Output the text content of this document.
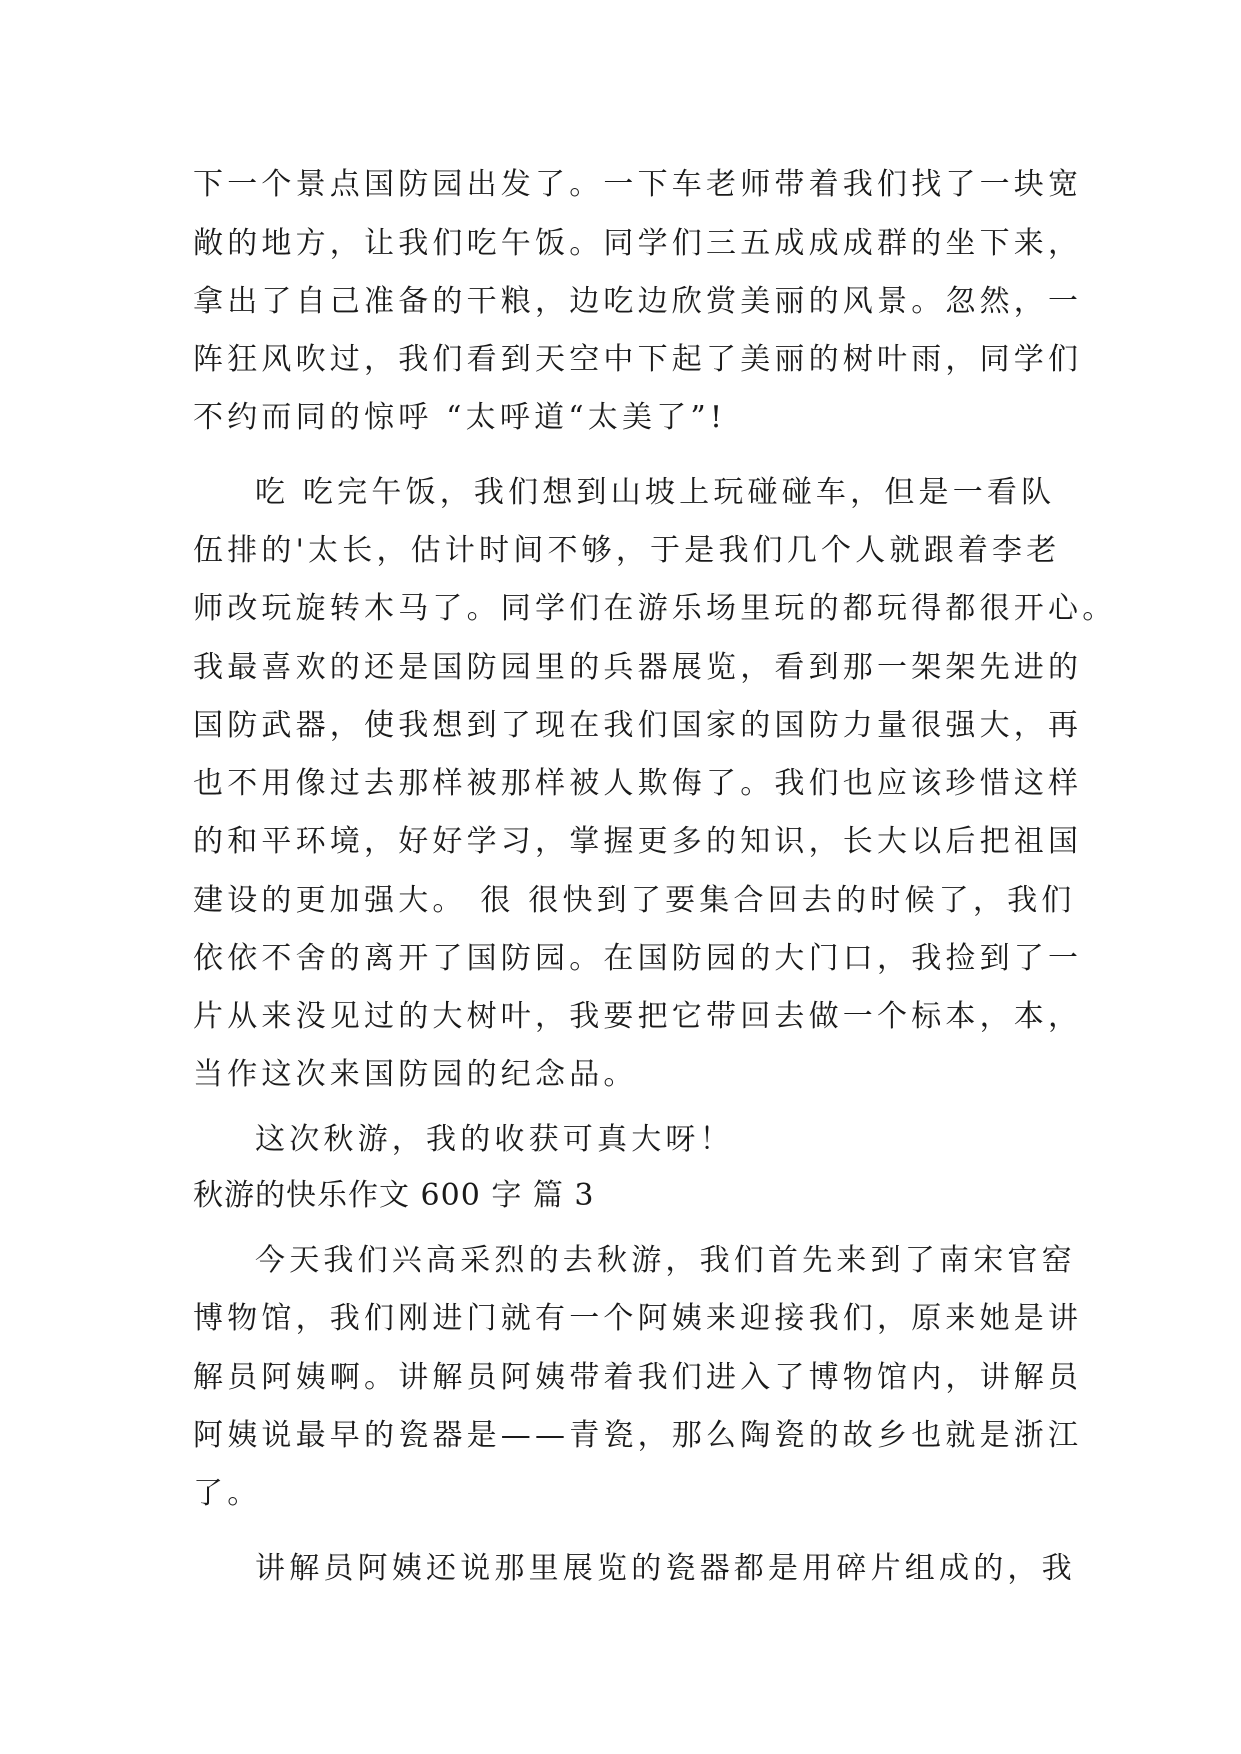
下一个景点国防园出发了。一下车老师带着我们找了一块宽
敞的地方，让我们吃午饭。同学们三五成成成群的坐下来，
拿出了自己准备的干粮，边吃边欣赏美丽的风景。忽然，一
阵狂风吹过，我们看到天空中下起了美丽的树叶雨，同学们
不约而同的惊呼 “太呼道“太美了”!
吃 吃完午饭，我们想到山坡上玩碰碰车，但是一看队
伍排的'太长，估计时间不够，于是我们几个人就跟着李老
师改玩旋转木马了。同学们在游乐场里玩的都玩得都很开心。
我最喜欢的还是国防园里的兵器展览，看到那一架架先进的
国防武器，使我想到了现在我们国家的国防力量很强大，再
也不用像过去那样被那样被人欺侮了。我们也应该珍惜这样
的和平环境，好好学习，掌握更多的知识，长大以后把祖国
建设的更加强大。 很 很快到了要集合回去的时候了，我们
依依不舍的离开了国防园。在国防园的大门口，我捡到了一
片从来没见过的大树叶，我要把它带回去做一个标本，本，
当作这次来国防园的纪念品。
这次秋游，我的收获可真大呀！
秋游的快乐作文 600 字 篇 3
今天我们兴高采烈的去秋游，我们首先来到了南宋官窑
博物馆，我们刚进门就有一个阿姨来迎接我们，原来她是讲
解员阿姨啊。讲解员阿姨带着我们进入了博物馆内，讲解员
阿姨说最早的瓷器是——青瓷，那么陶瓷的故乡也就是浙江
了。
讲解员阿姨还说那里展览的瓷器都是用碎片组成的，我
